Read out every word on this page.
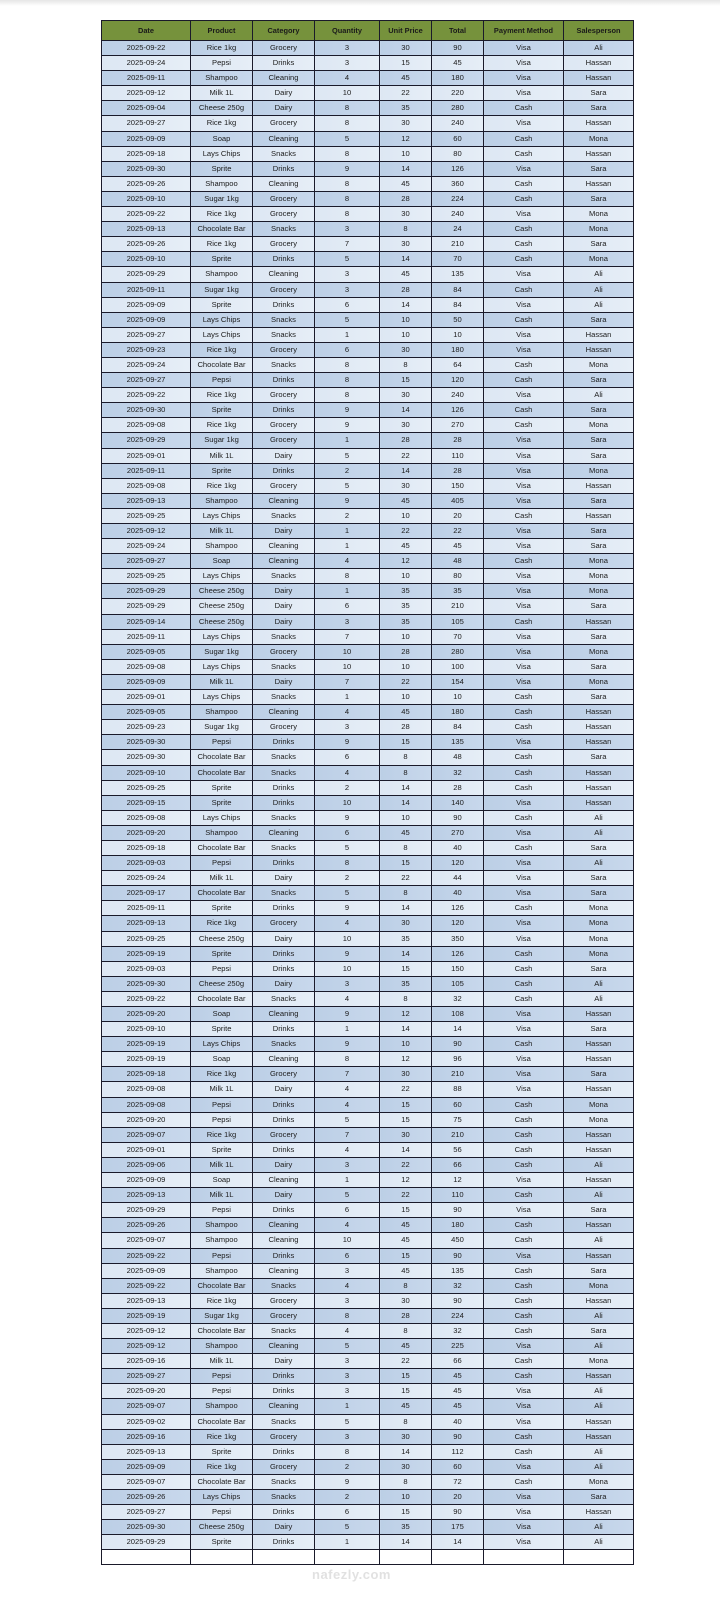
Date	Product	Category	Quantity	Unit Price	Total	Payment Method	Salesperson
2025-09-22	Rice 1kg	Grocery	3	30	90	Visa	Ali
2025-09-24	Pepsi	Drinks	3	15	45	Visa	Hassan
2025-09-11	Shampoo	Cleaning	4	45	180	Visa	Hassan
2025-09-12	Milk 1L	Dairy	10	22	220	Visa	Sara
2025-09-04	Cheese 250g	Dairy	8	35	280	Cash	Sara
2025-09-27	Rice 1kg	Grocery	8	30	240	Visa	Hassan
2025-09-09	Soap	Cleaning	5	12	60	Cash	Mona
2025-09-18	Lays Chips	Snacks	8	10	80	Cash	Hassan
2025-09-30	Sprite	Drinks	9	14	126	Visa	Sara
2025-09-26	Shampoo	Cleaning	8	45	360	Cash	Hassan
2025-09-10	Sugar 1kg	Grocery	8	28	224	Cash	Sara
2025-09-22	Rice 1kg	Grocery	8	30	240	Visa	Mona
2025-09-13	Chocolate Bar	Snacks	3	8	24	Cash	Mona
2025-09-26	Rice 1kg	Grocery	7	30	210	Cash	Sara
2025-09-10	Sprite	Drinks	5	14	70	Cash	Mona
2025-09-29	Shampoo	Cleaning	3	45	135	Visa	Ali
2025-09-11	Sugar 1kg	Grocery	3	28	84	Cash	Ali
2025-09-09	Sprite	Drinks	6	14	84	Visa	Ali
2025-09-09	Lays Chips	Snacks	5	10	50	Cash	Sara
2025-09-27	Lays Chips	Snacks	1	10	10	Visa	Hassan
2025-09-23	Rice 1kg	Grocery	6	30	180	Visa	Hassan
2025-09-24	Chocolate Bar	Snacks	8	8	64	Cash	Mona
2025-09-27	Pepsi	Drinks	8	15	120	Cash	Sara
2025-09-22	Rice 1kg	Grocery	8	30	240	Visa	Ali
2025-09-30	Sprite	Drinks	9	14	126	Cash	Sara
2025-09-08	Rice 1kg	Grocery	9	30	270	Cash	Mona
2025-09-29	Sugar 1kg	Grocery	1	28	28	Visa	Sara
2025-09-01	Milk 1L	Dairy	5	22	110	Visa	Sara
2025-09-11	Sprite	Drinks	2	14	28	Visa	Mona
2025-09-08	Rice 1kg	Grocery	5	30	150	Visa	Hassan
2025-09-13	Shampoo	Cleaning	9	45	405	Visa	Sara
2025-09-25	Lays Chips	Snacks	2	10	20	Cash	Hassan
2025-09-12	Milk 1L	Dairy	1	22	22	Visa	Sara
2025-09-24	Shampoo	Cleaning	1	45	45	Visa	Sara
2025-09-27	Soap	Cleaning	4	12	48	Cash	Mona
2025-09-25	Lays Chips	Snacks	8	10	80	Visa	Mona
2025-09-29	Cheese 250g	Dairy	1	35	35	Visa	Mona
2025-09-29	Cheese 250g	Dairy	6	35	210	Visa	Sara
2025-09-14	Cheese 250g	Dairy	3	35	105	Cash	Hassan
2025-09-11	Lays Chips	Snacks	7	10	70	Visa	Sara
2025-09-05	Sugar 1kg	Grocery	10	28	280	Visa	Mona
2025-09-08	Lays Chips	Snacks	10	10	100	Visa	Sara
2025-09-09	Milk 1L	Dairy	7	22	154	Visa	Mona
2025-09-01	Lays Chips	Snacks	1	10	10	Cash	Sara
2025-09-05	Shampoo	Cleaning	4	45	180	Cash	Hassan
2025-09-23	Sugar 1kg	Grocery	3	28	84	Cash	Hassan
2025-09-30	Pepsi	Drinks	9	15	135	Visa	Hassan
2025-09-30	Chocolate Bar	Snacks	6	8	48	Cash	Sara
2025-09-10	Chocolate Bar	Snacks	4	8	32	Cash	Hassan
2025-09-25	Sprite	Drinks	2	14	28	Cash	Hassan
2025-09-15	Sprite	Drinks	10	14	140	Visa	Hassan
2025-09-08	Lays Chips	Snacks	9	10	90	Cash	Ali
2025-09-20	Shampoo	Cleaning	6	45	270	Visa	Ali
2025-09-18	Chocolate Bar	Snacks	5	8	40	Cash	Sara
2025-09-03	Pepsi	Drinks	8	15	120	Visa	Ali
2025-09-24	Milk 1L	Dairy	2	22	44	Visa	Sara
2025-09-17	Chocolate Bar	Snacks	5	8	40	Visa	Sara
2025-09-11	Sprite	Drinks	9	14	126	Cash	Mona
2025-09-13	Rice 1kg	Grocery	4	30	120	Visa	Mona
2025-09-25	Cheese 250g	Dairy	10	35	350	Visa	Mona
2025-09-19	Sprite	Drinks	9	14	126	Cash	Mona
2025-09-03	Pepsi	Drinks	10	15	150	Cash	Sara
2025-09-30	Cheese 250g	Dairy	3	35	105	Cash	Ali
2025-09-22	Chocolate Bar	Snacks	4	8	32	Cash	Ali
2025-09-20	Soap	Cleaning	9	12	108	Visa	Hassan
2025-09-10	Sprite	Drinks	1	14	14	Visa	Sara
2025-09-19	Lays Chips	Snacks	9	10	90	Cash	Hassan
2025-09-19	Soap	Cleaning	8	12	96	Visa	Hassan
2025-09-18	Rice 1kg	Grocery	7	30	210	Visa	Sara
2025-09-08	Milk 1L	Dairy	4	22	88	Visa	Hassan
2025-09-08	Pepsi	Drinks	4	15	60	Cash	Mona
2025-09-20	Pepsi	Drinks	5	15	75	Cash	Mona
2025-09-07	Rice 1kg	Grocery	7	30	210	Cash	Hassan
2025-09-01	Sprite	Drinks	4	14	56	Cash	Hassan
2025-09-06	Milk 1L	Dairy	3	22	66	Cash	Ali
2025-09-09	Soap	Cleaning	1	12	12	Visa	Hassan
2025-09-13	Milk 1L	Dairy	5	22	110	Cash	Ali
2025-09-29	Pepsi	Drinks	6	15	90	Visa	Sara
2025-09-26	Shampoo	Cleaning	4	45	180	Cash	Hassan
2025-09-07	Shampoo	Cleaning	10	45	450	Cash	Ali
2025-09-22	Pepsi	Drinks	6	15	90	Visa	Hassan
2025-09-09	Shampoo	Cleaning	3	45	135	Cash	Sara
2025-09-22	Chocolate Bar	Snacks	4	8	32	Cash	Mona
2025-09-13	Rice 1kg	Grocery	3	30	90	Cash	Hassan
2025-09-19	Sugar 1kg	Grocery	8	28	224	Cash	Ali
2025-09-12	Chocolate Bar	Snacks	4	8	32	Cash	Sara
2025-09-12	Shampoo	Cleaning	5	45	225	Visa	Ali
2025-09-16	Milk 1L	Dairy	3	22	66	Cash	Mona
2025-09-27	Pepsi	Drinks	3	15	45	Cash	Hassan
2025-09-20	Pepsi	Drinks	3	15	45	Visa	Ali
2025-09-07	Shampoo	Cleaning	1	45	45	Visa	Ali
2025-09-02	Chocolate Bar	Snacks	5	8	40	Visa	Hassan
2025-09-16	Rice 1kg	Grocery	3	30	90	Cash	Hassan
2025-09-13	Sprite	Drinks	8	14	112	Cash	Ali
2025-09-09	Rice 1kg	Grocery	2	30	60	Visa	Ali
2025-09-07	Chocolate Bar	Snacks	9	8	72	Cash	Mona
2025-09-26	Lays Chips	Snacks	2	10	20	Visa	Sara
2025-09-27	Pepsi	Drinks	6	15	90	Visa	Hassan
2025-09-30	Cheese 250g	Dairy	5	35	175	Visa	Ali
2025-09-29	Sprite	Drinks	1	14	14	Visa	Ali

nafezly.com
